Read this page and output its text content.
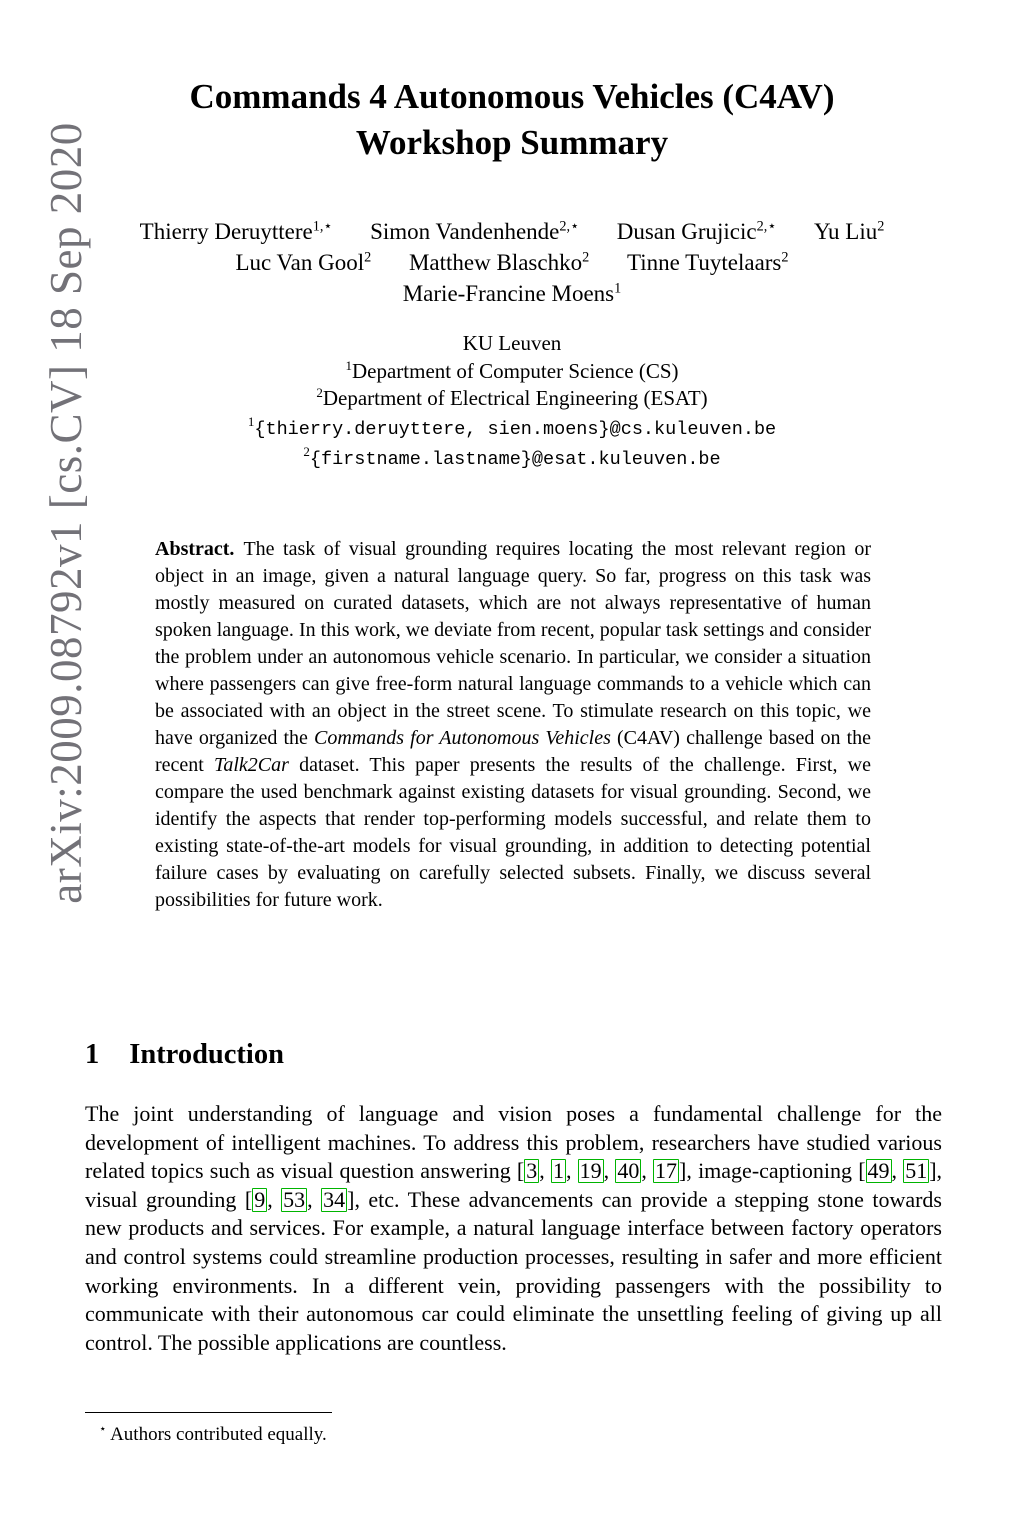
arXiv:2009.08792v1 [cs.CV] 18 Sep 2020
Commands 4 Autonomous Vehicles (C4AV)
Workshop Summary
Thierry Deruyttere$^{1,⋆}$ Simon Vandenhende$^{2,⋆}$ Dusan Grujicic$^{2,⋆}$ Yu Liu$^2$
Luc Van Gool$^2$ Matthew Blaschko$^2$ Tinne Tuytelaars$^2$
Marie-Francine Moens$^1$
KU Leuven
$^1$Department of Computer Science (CS)
$^2$Department of Electrical Engineering (ESAT)
$^1${thierry.deruyttere, sien.moens}@cs.kuleuven.be
$^2${firstname.lastname}@esat.kuleuven.be

Abstract. The task of visual grounding requires locating the most relevant region or object in an image, given a natural language query. So far, progress on this task was mostly measured on curated datasets, which are not always representative of human spoken language. In this work, we deviate from recent, popular task settings and consider the problem under an autonomous vehicle scenario. In particular, we consider a situation where passengers can give free-form natural language commands to a vehicle which can be associated with an object in the street scene. To stimulate research on this topic, we have organized the Commands for Autonomous Vehicles (C4AV) challenge based on the recent Talk2Car dataset. This paper presents the results of the challenge. First, we compare the used benchmark against existing datasets for visual grounding. Second, we identify the aspects that render top-performing models successful, and relate them to existing state-of-the-art models for visual grounding, in addition to detecting potential failure cases by evaluating on carefully selected subsets. Finally, we discuss several possibilities for future work.

1 Introduction

The joint understanding of language and vision poses a fundamental challenge for the development of intelligent machines. To address this problem, researchers have studied various related topics such as visual question answering [3, 1, 19, 40, 17], image-captioning [49, 51], visual grounding [9, 53, 34], etc. These advancements can provide a stepping stone towards new products and services. For example, a natural language interface between factory operators and control systems could streamline production processes, resulting in safer and more efficient working environments. In a different vein, providing passengers with the possibility to communicate with their autonomous car could eliminate the unsettling feeling of giving up all control. The possible applications are countless.

⋆ Authors contributed equally.
